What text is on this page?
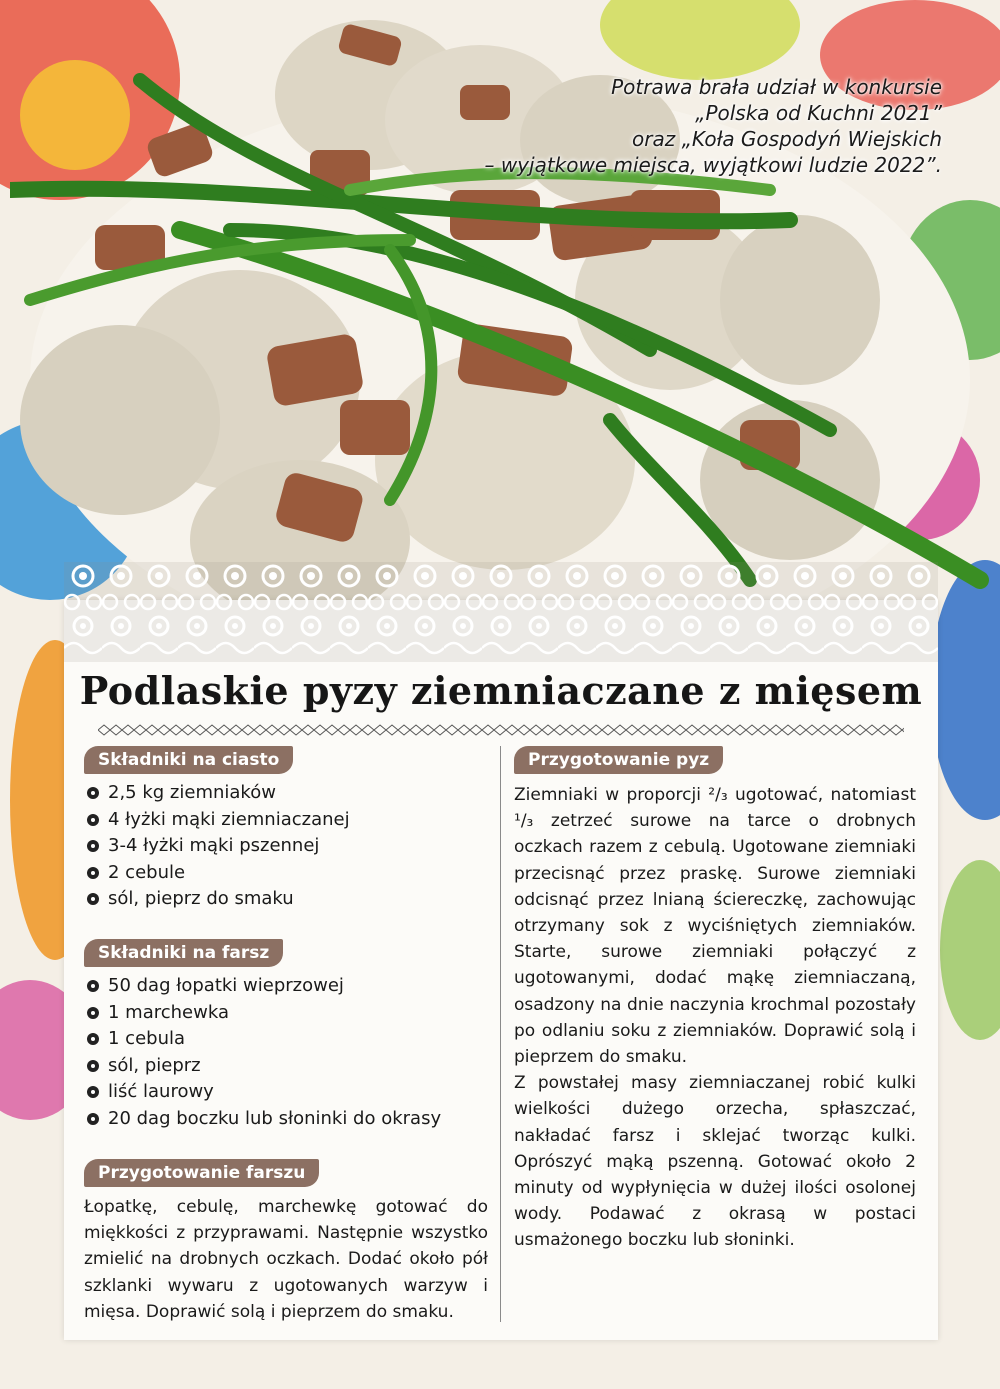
Potrawa brała udział w konkursie
„Polska od Kuchni 2021”
oraz „Koła Gospodyń Wiejskich
– wyjątkowe miejsca, wyjątkowi ludzie 2022”.
Podlaskie pyzy ziemniaczane z mięsem
Składniki na ciasto
2,5 kg ziemniaków
4 łyżki mąki ziemniaczanej
3-4 łyżki mąki pszennej
2 cebule
sól, pieprz do smaku
Składniki na farsz
50 dag łopatki wieprzowej
1 marchewka
1 cebula
sól, pieprz
liść laurowy
20 dag boczku lub słoninki do okrasy
Przygotowanie farszu
Łopatkę, cebulę, marchewkę gotować do miękkości z przyprawami. Następnie wszystko zmielić na drobnych oczkach. Dodać około pół szklanki wywaru z ugotowanych warzyw i mięsa. Doprawić solą i pieprzem do smaku.
Przygotowanie pyz
Ziemniaki w proporcji ²/₃ ugotować, natomiast ¹/₃ zetrzeć surowe na tarce o drobnych oczkach razem z cebulą. Ugotowane ziemniaki przecisnąć przez praskę. Surowe ziemniaki odcisnąć przez lnianą ściereczkę, zachowując otrzymany sok z wyciśniętych ziemniaków. Starte, surowe ziemniaki połączyć z ugotowanymi, dodać mąkę ziemniaczaną, osadzony na dnie naczynia krochmal pozostały po odlaniu soku z ziemniaków. Doprawić solą i pieprzem do smaku.
Z powstałej masy ziemniaczanej robić kulki wielkości dużego orzecha, spłaszczać, nakładać farsz i sklejać tworząc kulki. Oprószyć mąką pszenną. Gotować około 2 minuty od wypłynięcia w dużej ilości osolonej wody. Podawać z okrasą w postaci usmażonego boczku lub słoninki.
